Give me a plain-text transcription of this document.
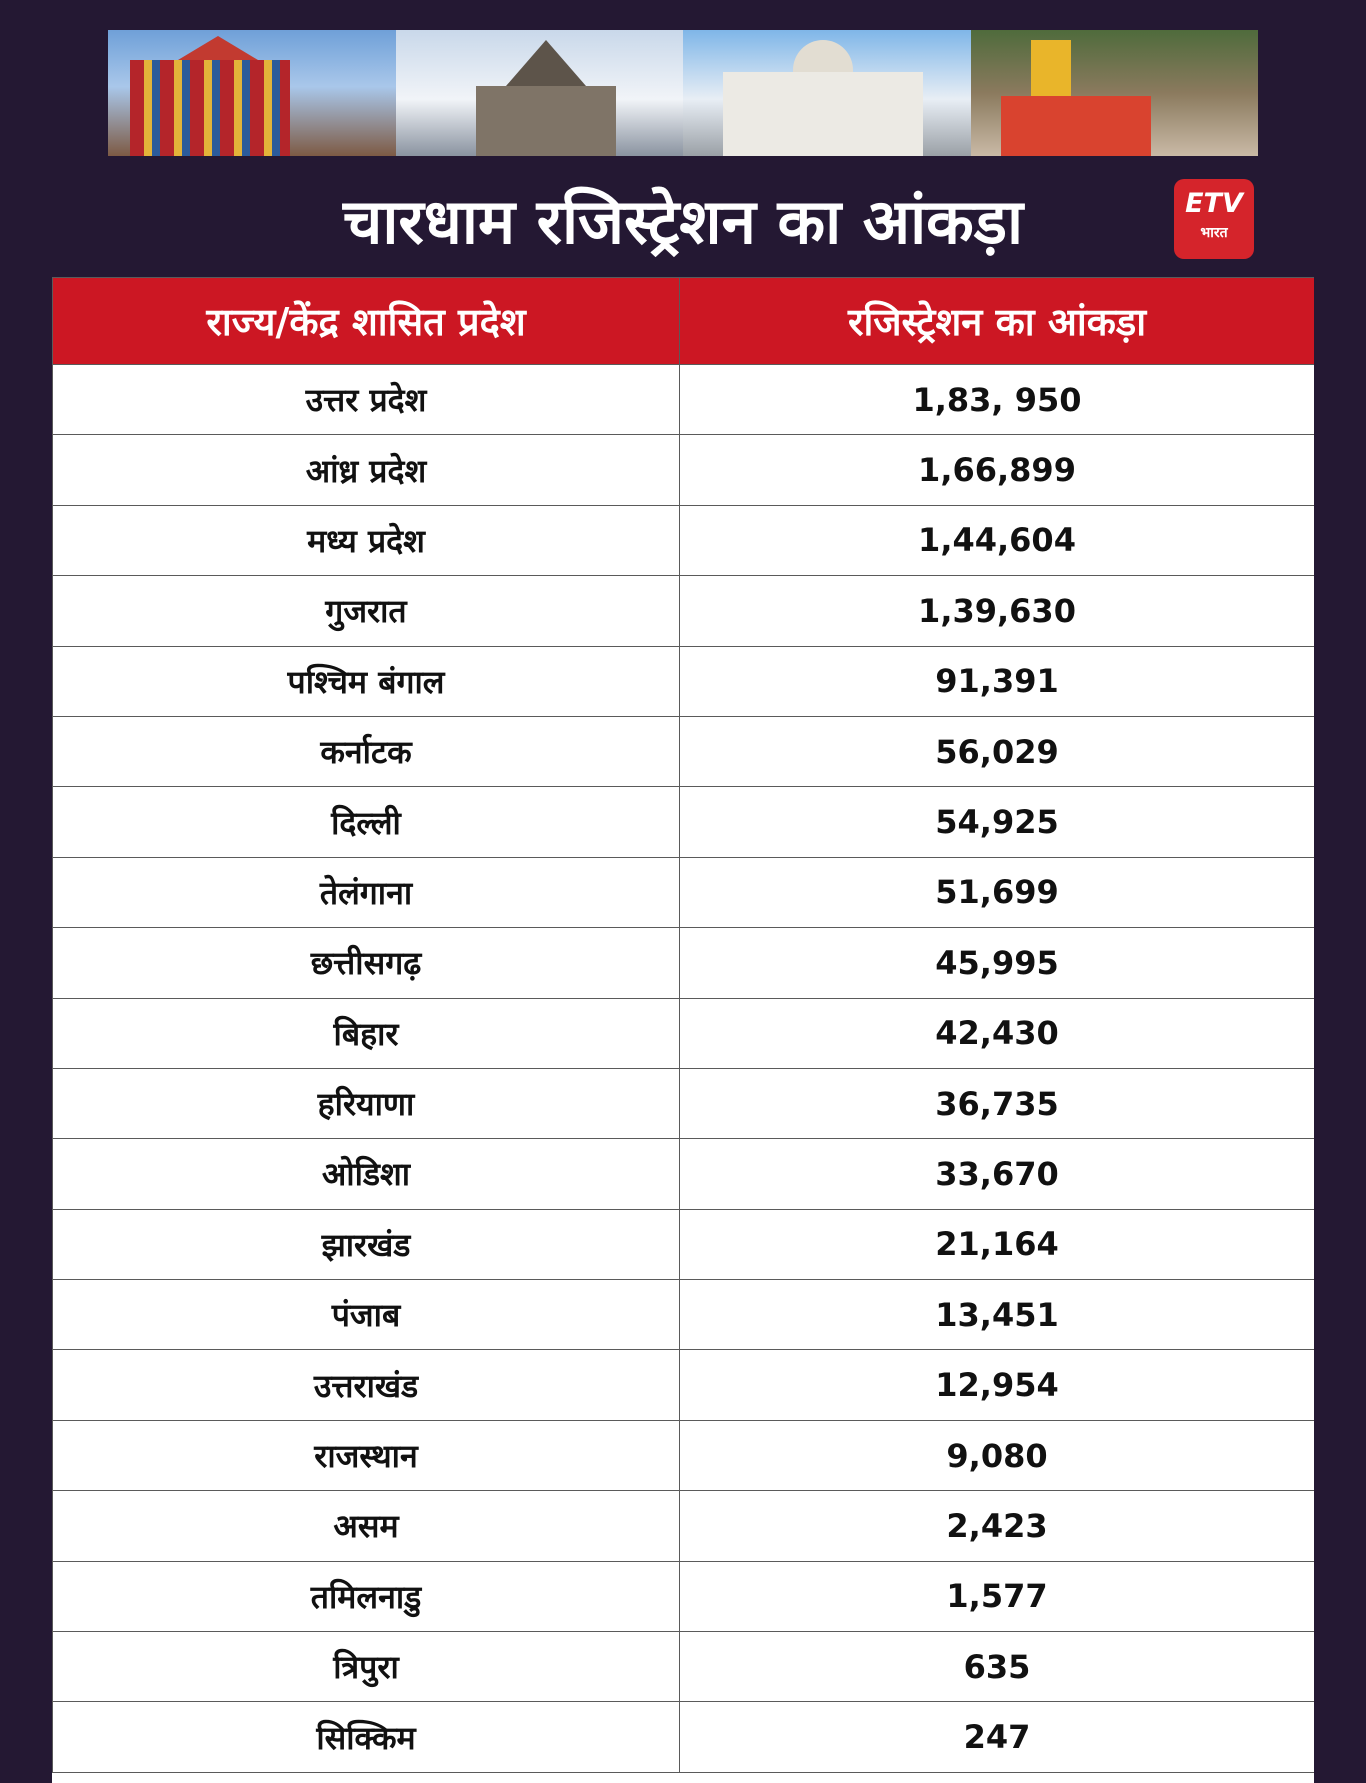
चारधाम रजिस्ट्रेशन का आंकड़ा	ETV
भारत
राज्य/केंद्र शासित प्रदेश	रजिस्ट्रेशन का आंकड़ा
उत्तर प्रदेश	1,83, 950
आंध्र प्रदेश	1,66,899
मध्य प्रदेश	1,44,604
गुजरात	1,39,630
पश्चिम बंगाल	91,391
कर्नाटक	56,029
दिल्ली	54,925
तेलंगाना	51,699
छत्तीसगढ़	45,995
बिहार	42,430
हरियाणा	36,735
ओडिशा	33,670
झारखंड	21,164
पंजाब	13,451
उत्तराखंड	12,954
राजस्थान	9,080
असम	2,423
तमिलनाडु	1,577
त्रिपुरा	635
सिक्किम	247
